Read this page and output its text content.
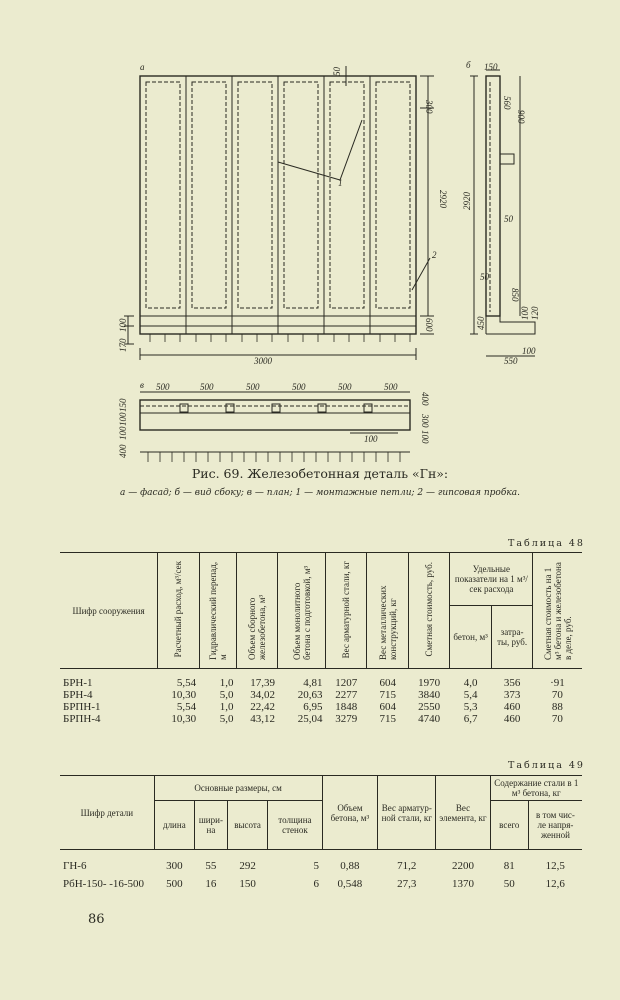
а	б
в
50
300
2920
600
100
170
3000
1
2
150
560
900
2920
50
50
850
450
100 120
100
550
500	500	500	500	500	500
400
150
100
100
400
300
100
100
Рис. 69. Железобетонная деталь «Гн»:
а — фасад; б — вид сбоку; в — план; 1 — монтажные петли; 2 — гипсовая пробка.
Таблица 48
Шифр сооружения	Расчетный расход, м³/сек	Гидравлический перепад, м	Объем сборного железобетона, м³	Объем монолитного бетона с подготовкой, м³	Вес арматурной стали, кг	Вес металлических конструкций, кг	Сметная стоимость, руб.	Удельные показатели на 1 м³/сек расхода		Сметная стоимость на 1 м³ бетона и железобетона в деле, руб.
								бетон, м³	затра- ты, руб.	

БРН-1	5,54	1,0	17,39	4,81	1207	604	1970	4,0	356	·91
БРН-4	10,30	5,0	34,02	20,63	2277	715	3840	5,4	373	70
БРПН-1	5,54	1,0	22,42	6,95	1848	604	2550	5,3	460	88
БРПН-4	10,30	5,0	43,12	25,04	3279	715	4740	6,7	460	70
Таблица 49
Шифр детали	Основные размеры, см				Объем бетона, м³	Вес арматур- ной стали, кг	Вес элемента, кг	Содержание стали в 1 м³ бетона, кг	
	длина	шири- на	высота	толщина стенок				всего	в том чис- ле напря- женной

ГН-6	300	55	292	5	0,88	71,2	2200	81	12,5
РбН-150- -16-500	500	16	150	6	0,548	27,3	1370	50	12,6
86
